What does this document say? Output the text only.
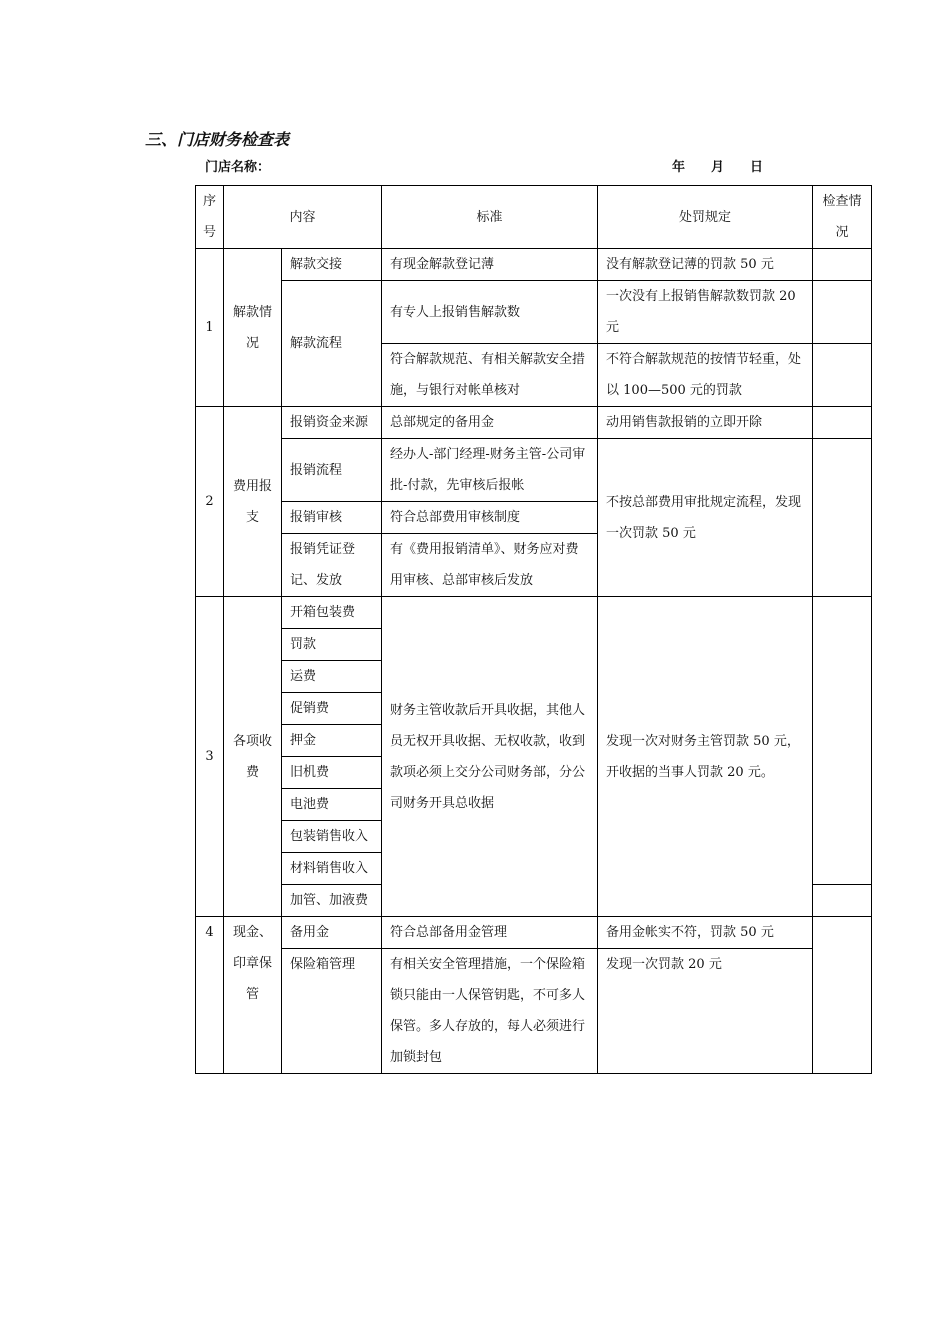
三、门店财务检查表
门店名称：	年 月 日
序号	内容		标准	处罚规定	检查情况
1	解款情况	解款交接	有现金解款登记薄	没有解款登记薄的罚款 50 元	
		解款流程	有专人上报销售解款数	一次没有上报销售解款数罚款 20 元	
			符合解款规范、有相关解款安全措施，与银行对帐单核对	不符合解款规范的按情节轻重，处以 100—500 元的罚款	
2	费用报支	报销资金来源	总部规定的备用金	动用销售款报销的立即开除	
		报销流程	经办人-部门经理-财务主管-公司审批-付款，先审核后报帐	不按总部费用审批规定流程，发现一次罚款 50 元	
		报销审核	符合总部费用审核制度		
		报销凭证登记、发放	有《费用报销清单》、财务应对费用审核、总部审核后发放		
3	各项收费	开箱包装费	财务主管收款后开具收据，其他人员无权开具收据、无权收款，收到款项必须上交分公司财务部，分公司财务开具总收据	发现一次对财务主管罚款 50 元，开收据的当事人罚款 20 元。	
		罚款			
		运费			
		促销费			
		押金			
		旧机费			
		电池费			
		包装销售收入			
		材料销售收入			
		加管、加液费			
4	现金、印章保管	备用金	符合总部备用金管理	备用金帐实不符，罚款 50 元	
		保险箱管理	有相关安全管理措施，一个保险箱锁只能由一人保管钥匙，不可多人保管。多人存放的，每人必须进行加锁封包	发现一次罚款 20 元	
